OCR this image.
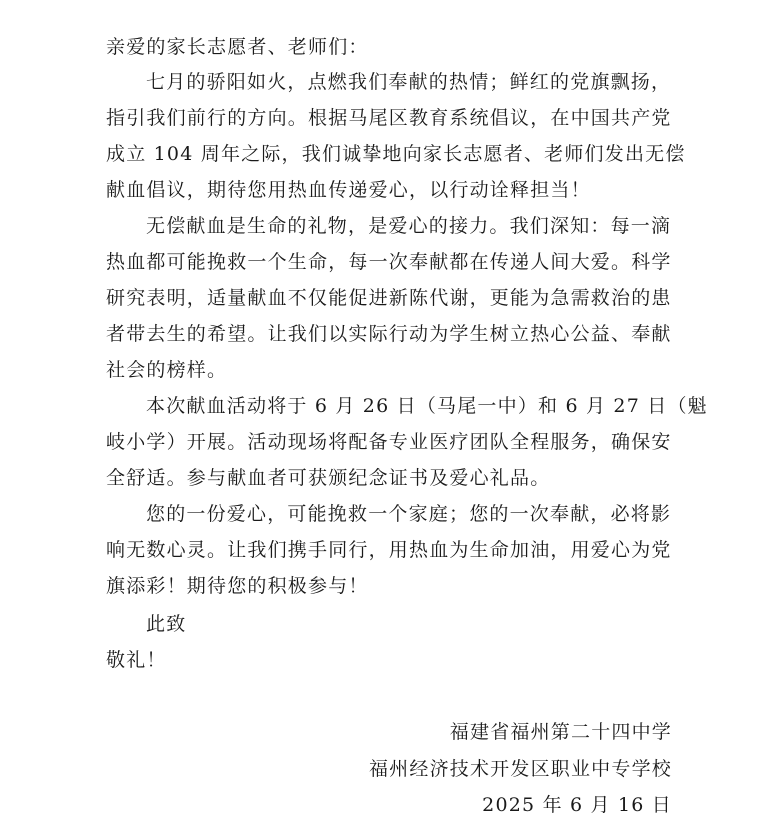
亲爱的家长志愿者、老师们：
七月的骄阳如火，点燃我们奉献的热情；鲜红的党旗飘扬，
指引我们前行的方向。根据马尾区教育系统倡议，在中国共产党
成立 104 周年之际，我们诚挚地向家长志愿者、老师们发出无偿
献血倡议，期待您用热血传递爱心，以行动诠释担当！
无偿献血是生命的礼物，是爱心的接力。我们深知：每一滴
热血都可能挽救一个生命，每一次奉献都在传递人间大爱。科学
研究表明，适量献血不仅能促进新陈代谢，更能为急需救治的患
者带去生的希望。让我们以实际行动为学生树立热心公益、奉献
社会的榜样。
本次献血活动将于 6 月 26 日（马尾一中）和 6 月 27 日（魁
岐小学）开展。活动现场将配备专业医疗团队全程服务，确保安
全舒适。参与献血者可获颁纪念证书及爱心礼品。
您的一份爱心，可能挽救一个家庭；您的一次奉献，必将影
响无数心灵。让我们携手同行，用热血为生命加油，用爱心为党
旗添彩！期待您的积极参与！
此致
敬礼！
福建省福州第二十四中学
福州经济技术开发区职业中专学校
2025 年 6 月 16 日
